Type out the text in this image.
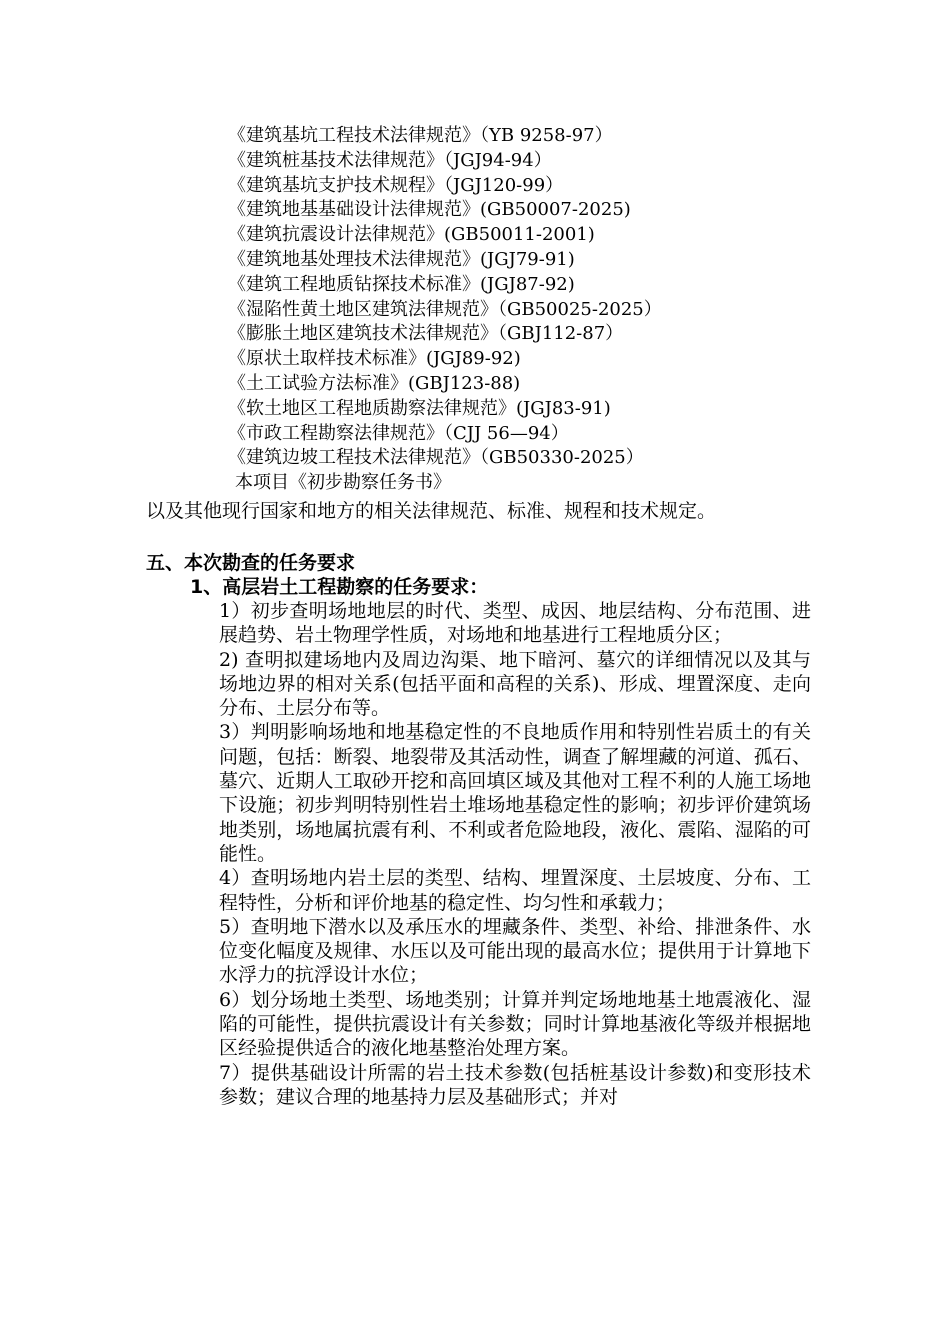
《建筑基坑工程技术法律规范》（YB 9258-97）
《建筑桩基技术法律规范》（JGJ94-94）
《建筑基坑支护技术规程》（JGJ120-99）
《建筑地基基础设计法律规范》(GB50007-2025)
《建筑抗震设计法律规范》(GB50011-2001)
《建筑地基处理技术法律规范》(JGJ79-91)
《建筑工程地质钻探技术标准》(JGJ87-92)
《湿陷性黄土地区建筑法律规范》（GB50025-2025）
《膨胀土地区建筑技术法律规范》（GBJ112-87）
《原状土取样技术标准》(JGJ89-92)
《土工试验方法标准》(GBJ123-88)
《软土地区工程地质勘察法律规范》(JGJ83-91)
《市政工程勘察法律规范》（CJJ 56—94）
《建筑边坡工程技术法律规范》（GB50330-2025）
本项目《初步勘察任务书》
以及其他现行国家和地方的相关法律规范、标准、规程和技术规定。
五、本次勘查的任务要求
1、高层岩土工程勘察的任务要求：
1）初步查明场地地层的时代、类型、成因、地层结构、分布范围、进展趋势、岩土物理学性质，对场地和地基进行工程地质分区；
2) 查明拟建场地内及周边沟渠、地下暗河、墓穴的详细情况以及其与场地边界的相对关系(包括平面和高程的关系)、形成、埋置深度、走向分布、土层分布等。
3）判明影响场地和地基稳定性的不良地质作用和特别性岩质土的有关问题，包括：断裂、地裂带及其活动性，调查了解埋藏的河道、孤石、墓穴、近期人工取砂开挖和高回填区域及其他对工程不利的人施工场地下设施；初步判明特别性岩土堆场地基稳定性的影响；初步评价建筑场地类别，场地属抗震有利、不利或者危险地段，液化、震陷、湿陷的可能性。
4）查明场地内岩土层的类型、结构、埋置深度、土层坡度、分布、工程特性，分析和评价地基的稳定性、均匀性和承载力；
5）查明地下潜水以及承压水的埋藏条件、类型、补给、排泄条件、水位变化幅度及规律、水压以及可能出现的最高水位；提供用于计算地下水浮力的抗浮设计水位；
6）划分场地土类型、场地类别；计算并判定场地地基土地震液化、湿陷的可能性，提供抗震设计有关参数；同时计算地基液化等级并根据地区经验提供适合的液化地基整治处理方案。
7）提供基础设计所需的岩土技术参数(包括桩基设计参数)和变形技术参数；建议合理的地基持力层及基础形式；并对
